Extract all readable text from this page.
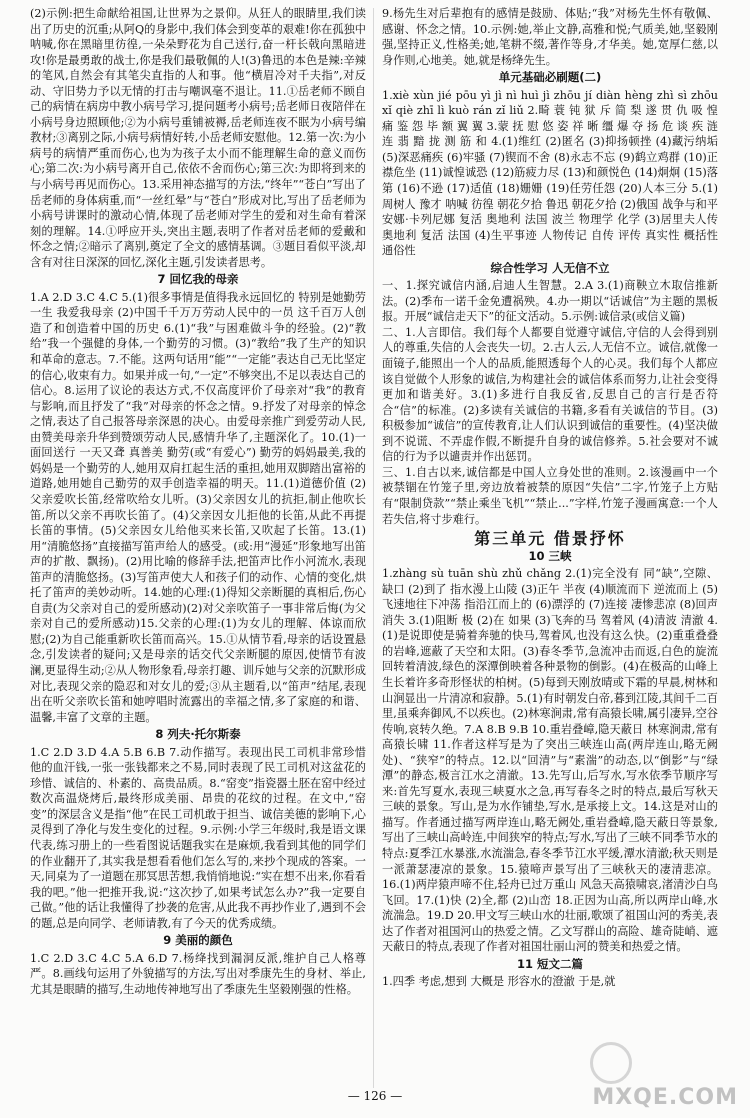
(2)示例:把生命献给祖国,让世界为之景仰。从狂人的眼睛里,我们读出了历史的沉重;从阿Q的身影中,我们体会到变革的艰难!你在孤独中呐喊,你在黑暗里彷徨,一朵朵野花为自己送行,奋一杆长戟向黑暗进攻!你是最勇敢的战士,你是我们最敬佩的人!(3)鲁迅的本色是辣:辛辣的笔风,自然会有其笔尖直指的人和事。他“横眉冷对千夫指”,对反动、守旧势力予以无情的打击与嘲讽毫不退让。11.①岳老师不顾自己的病情在病房中教小病号学习,提问题考小病号;岳老师日夜陪伴在小病号身边照顾他;②为小病号重铺被褥,岳老师连夜不眠为小病号编教材;③离别之际,小病号病情好转,小岳老师安慰他。12.第一次:为小病号的病情严重而伤心,也为为孩子太小而不能理解生命的意义而伤心;第二次:为小病号离开自己,依依不舍而伤心;第三次:为即将到来的与小病号再见而伤心。13.采用神态描写的方法,“终年”“苍白”写出了岳老师的身体病重,而“一丝红晕”与“苍白”形成对比,写出了岳老师为小病号讲课时的激动心情,体现了岳老师对学生的爱和对生命有着深刻的理解。14.①呼应开头,突出主题,表明了作者对岳老师的爱戴和怀念之情;②暗示了离别,奠定了全文的感情基调。③题目看似平淡,却含有对往日深深的回忆,深化主题,引发读者思考。
7 回忆我的母亲
1.A 2.D 3.C 4.C 5.(1)很多事情是值得我永远回忆的 特别是她勤劳一生 我爱我母亲 (2)中国千千万万劳动人民中的一员 这千百万人创造了和创造着中国的历史 6.(1)“我”与困难做斗争的经验。(2)“教给”我一个强健的身体,一个勤劳的习惯。(3)“教给”我了生产的知识和革命的意志。7.不能。这两句话用“能”“一定能”表达自己无比坚定的信心,收束有力。如果并成一句,“一定”不够突出,不足以表达自己的信心。8.运用了议论的表达方式,不仅高度评价了母亲对“我”的教育与影响,而且抒发了“我”对母亲的怀念之情。9.抒发了对母亲的悼念之情,表达了自己报答母亲深恩的决心。由爱母亲推广到爱劳动人民,由赞美母亲升华到赞颂劳动人民,感情升华了,主题深化了。10.(1)一面回送行 一天又聋 真善美 勤劳(或“有爱心”) 勤劳的妈妈最美,我的妈妈是一个勤劳的人,她用双肩扛起生活的重担,她用双脚踏出富裕的道路,她用她自己勤劳的双手创造幸福的明天。11.(1)道德价值 (2)父亲爱吹长笛,经常吹给女儿听。(3)父亲因女儿的抗拒,制止他吹长笛,所以父亲不再吹长笛了。(4)父亲因女儿拒他的长笛,从此不再提长笛的事情。(5)父亲因女儿给他买来长笛,又吹起了长笛。13.(1)用“清脆悠扬”直接描写笛声给人的感受。(或:用“漫延”形象地写出笛声的扩散、飘扬)。(2)用比喻的修辞手法,把笛声比作小河流水,表现笛声的清脆悠扬。(3)写笛声使大人和孩子们的动作、心情的变化,烘托了笛声的美妙动听。14.她的心理:(1)得知父亲断腿的真相后,伤心自责(为父亲对自己的爱所感动)(2)对父亲吹笛子一事非常后悔(为父亲对自己的爱所感动)15.父亲的心理:(1)为女儿的理解、体谅而欣慰;(2)为自己能重新吹长笛而高兴。15.①从情节看,母亲的话设置悬念,引发读者的疑问;又是母亲的话交代父亲断腿的原因,使情节有波澜,更显得生动;②从人物形象看,母亲打趣、训斥她与父亲的沉默形成对比,表现父亲的隐忍和对女儿的爱;③从主题看,以“笛声”结尾,表现出在听父亲吹长笛和她哼唱时流露出的幸福之情,多了家庭的和谐、温馨,丰富了文章的主题。
8 列夫·托尔斯泰
1.C 2.D 3.D 4.A 5.B 6.B 7.动作描写。表现出民工司机非常珍惜他的血汗钱,一张一张钱都来之不易,同时表现了民工司机对这盆花的珍惜、诚信的、朴素的、高贵品质。8.“窑变”指瓷器土胚在窑中经过数次高温烧烤后,最终形成美丽、昂贵的花纹的过程。在文中,“窑变”的深层含义是指“他”在民工司机敢于担当、诚信美德的影响下,心灵得到了净化与发生变化的过程。9.示例:小学三年级时,我是语文课代表,练习册上的一些看图说话题我实在是麻烦,我看到其他的同学们的作业翻开了,其实我是想看看他们怎么写的,来抄个现成的答案。一天,同桌为了一道题在那冥思苦想,我悄悄地说:“实在想不出来,你看看我的吧。”他一把推开我,说:“这次抄了,如果考试怎么办?”我一定要自己做。”他的话让我懂得了抄袭的危害,从此我不再抄作业了,遇到不会的题,总是向同学、老师请教,有了今天的优秀成绩。
9 美丽的颜色
1.C 2.D 3.C 4.C 5.A 6.D 7.杨绛找到漏洞反派,维护自己人格尊严。8.画线句运用了外貌描写的方法,写出对季康先生的身材、举止,尤其是眼睛的描写,生动地传神地写出了季康先生坚毅刚强的性格。
9.杨先生对后辈抱有的感情是鼓励、体贴;“我”对杨先生怀有敬佩、感谢、怀念之情。10.示例:她,举止文静,高雅和悦;气质美,她,坚毅刚强,坚持正义,性格美;她,笔耕不缀,著作等身,才华美。她,宽厚仁慈,以身作则,心地美。她,就是杨绛先生。
单元基础必刷题(二)
1.xiè xùn jié pōu yì jì nì huì jì zhōu jí diàn hèng zhì sì zhōu xǐ qiè zhī lì kuò rán zǐ liǔ 2.畸 蓑 钝 狱 斥 简 梨 遂 贯 仇 吸 惶 痛 鉴 怨 毕 额 翼 翼 3.蒙 抚 慰 悠 姿 祥 晰 缰 爆 夺 扬 危 谈 疾 涟 连 翡 黯 拢 测 筋 和 4.(1)维红 (2)匿名 (3)抑扬顿挫 (4)藏污纳垢 (5)深恶痛疾 (6)牢骚 (7)锲而不舍 (8)永志不忘 (9)鹤立鸡群 (10)正襟危坐 (11)诚惶诚恐 (12)筋疲力尽 (13)和颜悦色 (14)炯炯 (15)落第 (16)不逊 (17)适值 (18)姗姗 (19)任劳任怨 (20)人本三分 5.(1)周树人 豫才 呐喊 彷徨 朝花夕拾 鲁迅 朝花夕拾 (2)俄国 战争与和平 安娜·卡列尼娜 复活 奥地利 法国 波兰 物理学 化学 (3)居里夫人传 奥地利 复活 法国 (4)生平事迹 人物传记 自传 评传 真实性 概括性 通俗性
综合性学习 人无信不立
一、1.探究诚信内涵,启迪人生智慧。2.A 3.(1)商鞅立木取信推新法。(2)季布一诺千金免遭祸殃。4.办一期以“话诚信”为主题的黑板报。开展“诚信走天下”的征文活动。5.示例:诚信录(或信义篇)
二、1.人言即信。我们每个人都要自觉遵守诚信,守信的人会得到别人的尊重,失信的人会丧失一切。2.古人云,人无信不立。诚信,就像一面镜子,能照出一个人的品质,能照透每个人的心灵。我们每个人都应该自觉做个人形象的诚信,为构建社会的诚信体系而努力,让社会变得更加和谐美好。3.(1)多进行自我反省,反思自己的言行是否符合“信”的标准。(2)多读有关诚信的书籍,多看有关诚信的节目。(3)积极参加“诚信”的宣传教育,让人们认识到诚信的重要性。(4)坚决做到不说谎、不弄虚作假,不断提升自身的诚信修养。5.社会要对不诚信的行为予以谴责并作出惩罚。
三、1.自古以来,诚信都是中国人立身处世的准则。2.该漫画中一个被禁锢在竹笼子里,旁边放着被禁的原因“失信”二字,竹笼子上方贴有“限制贷款”“禁止乘坐飞机”“禁止...”字样,竹笼子漫画寓意:一个人若失信,将寸步难行。
第三单元 借景抒怀
10 三峡
1.zhàng sù tuān shù zhǔ chǎng 2.(1)完全没有 同“缺”,空隙、缺口 (2)到了 指水漫上山陵 (3)正午 半夜 (4)顺流而下 逆流而上 (5)飞速地往下冲荡 指沿江而上的 (6)漂浮的 (7)连接 凄惨悲凉 (8)回声 消失 3.(1)阻断 极 (2)在 如果 (3)飞奔的马 驾着风 (4)清波 清澈 4.(1)是说即使是骑着奔驰的快马,驾着风,也没有这么快。(2)重重叠叠的岩峰,遮蔽了天空和太阳。(3)春冬季节,急流冲击而返,白色的旋流回转着清波,绿色的深潭倒映着各种景物的倒影。(4)在极高的山峰上生长着许多奇形怪状的柏树。(5)每到天刚放晴或下霜的早晨,树林和山涧显出一片清凉和寂静。5.(1)有时朝发白帝,暮到江陵,其间千二百里,虽乘奔御风,不以疾也。(2)林寒涧肃,常有高猿长啸,属引凄异,空谷传响,哀转久绝。7.A 8.B 9.B 10.重岩叠嶂,隐天蔽日 林寒涧肃,常有高猿长啸 11.作者这样写是为了突出三峡连山高(两岸连山,略无阙处)、“狭窄”的特点。12.以“回清”与“素湍”的动态,以“倒影”与“绿潭”的静态,极言江水之清澈。13.先写山,后写水,写水依季节顺序写来:首先写夏水,表现三峡夏水之急,再写春冬之时的特点,最后写秋天三峡的景象。写山,是为水作铺垫,写水,是承接上文。14.这是对山的描写。作者通过描写两岸连山,略无阙处,重岩叠嶂,隐天蔽日等景象,写出了三峡山高岭连,中间狭窄的特点;写水,写出了三峡不同季节水的特点:夏季江水暴涨,水流湍急,春冬季节江水平缓,潭水清澈;秋天则是一派萧瑟凄凉的景象。15.猿啼声景写出了三峡秋天的凄清悲凉。16.(1)两岸猿声啼不住,轻舟已过万重山 风急天高猿啸哀,渚清沙白鸟飞回。17.(1)快 (2)全,都 (2)山峦 18.正因为山高,所以两岸山峰,水流湍急。19.D 20.甲文写三峡山水的壮丽,歌颂了祖国山河的秀美,表达了作者对祖国河山的热爱之情。乙文写群山的高险、雄奇陡峭、遮天蔽日的特点,表现了作者对祖国壮丽山河的赞美和热爱之情。
11 短文二篇
1.四季 考虑,想到 大概是 形容水的澄澈 于是,就
— 126 —	MXQE.COM
